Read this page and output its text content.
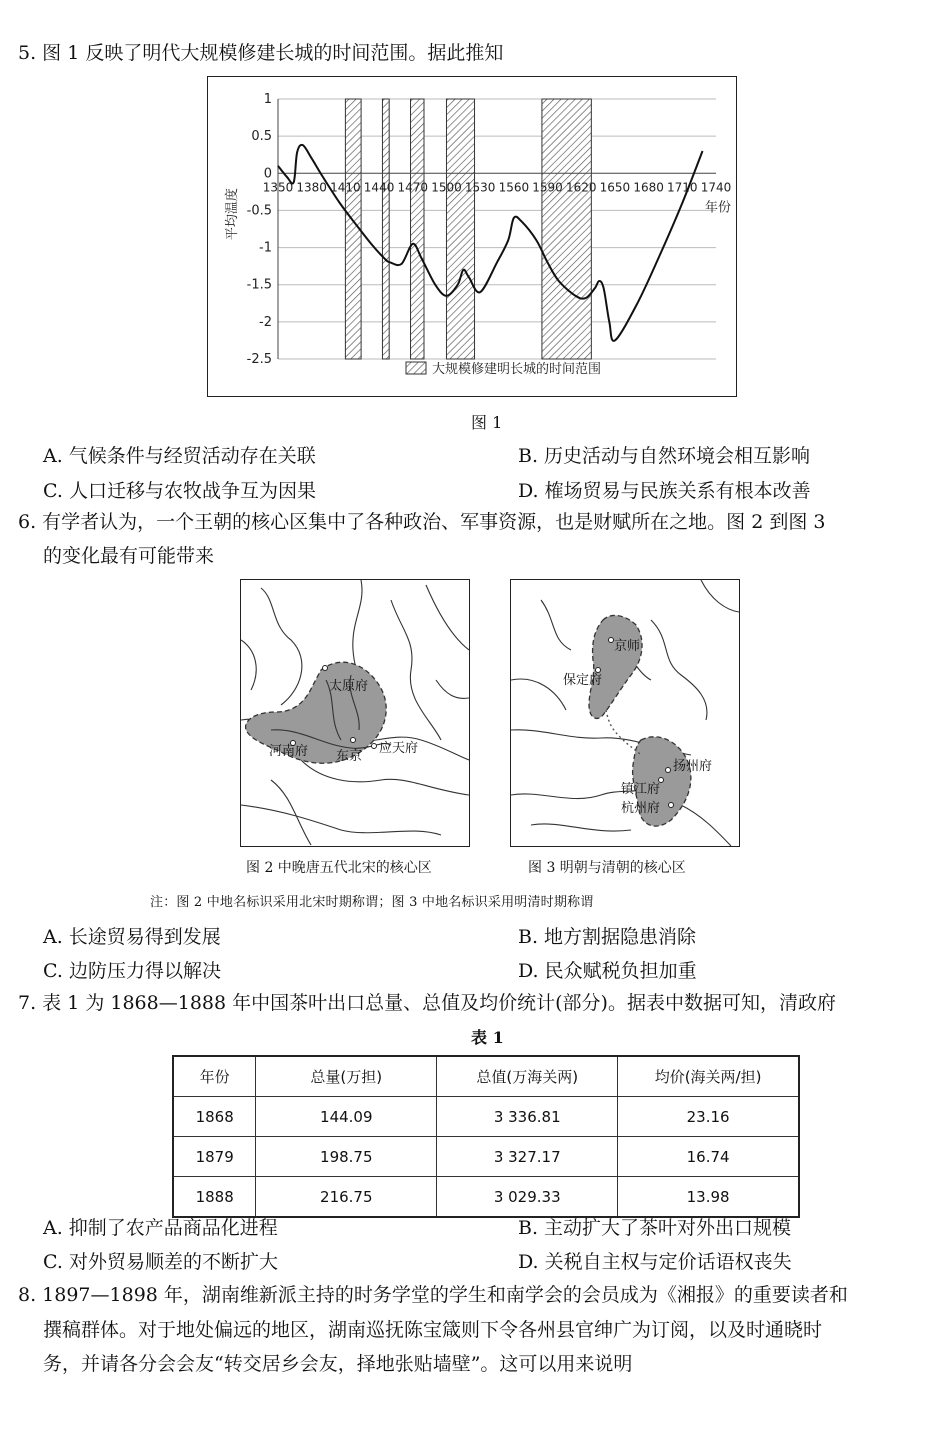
5. 图 1 反映了明代大规模修建长城的时间范围。据此推知
1
0.5
0
-0.5
-1
-1.5
-2
-2.5
1350 1380 1410 1440 1470 1500 1530 1560 1590 1620 1650 1680 1710 1740
年份
平均温度
大规模修建明长城的时间范围
图 1
A. 气候条件与经贸活动存在关联	B. 历史活动与自然环境会相互影响
C. 人口迁移与农牧战争互为因果	D. 榷场贸易与民族关系有根本改善
6. 有学者认为，一个王朝的核心区集中了各种政治、军事资源，也是财赋所在之地。图 2 到图 3
的变化最有可能带来
太原府
河南府 东京
应天府
京师
保定府
扬州府
镇江府
杭州府
图 2 中晚唐五代北宋的核心区	图 3 明朝与清朝的核心区
注：图 2 中地名标识采用北宋时期称谓；图 3 中地名标识采用明清时期称谓
A. 长途贸易得到发展	B. 地方割据隐患消除
C. 边防压力得以解决	D. 民众赋税负担加重
7. 表 1 为 1868—1888 年中国茶叶出口总量、总值及均价统计(部分)。据表中数据可知，清政府
表 1
年份	总量(万担)	总值(万海关两)	均价(海关两/担)
1868	144.09	3 336.81	23.16
1879	198.75	3 327.17	16.74
1888	216.75	3 029.33	13.98
A. 抑制了农产品商品化进程	B. 主动扩大了茶叶对外出口规模
C. 对外贸易顺差的不断扩大	D. 关税自主权与定价话语权丧失
8. 1897—1898 年，湖南维新派主持的时务学堂的学生和南学会的会员成为《湘报》的重要读者和
撰稿群体。对于地处偏远的地区，湖南巡抚陈宝箴则下令各州县官绅广为订阅，以及时通晓时
务，并请各分会会友“转交居乡会友，择地张贴墙壁”。这可以用来说明
